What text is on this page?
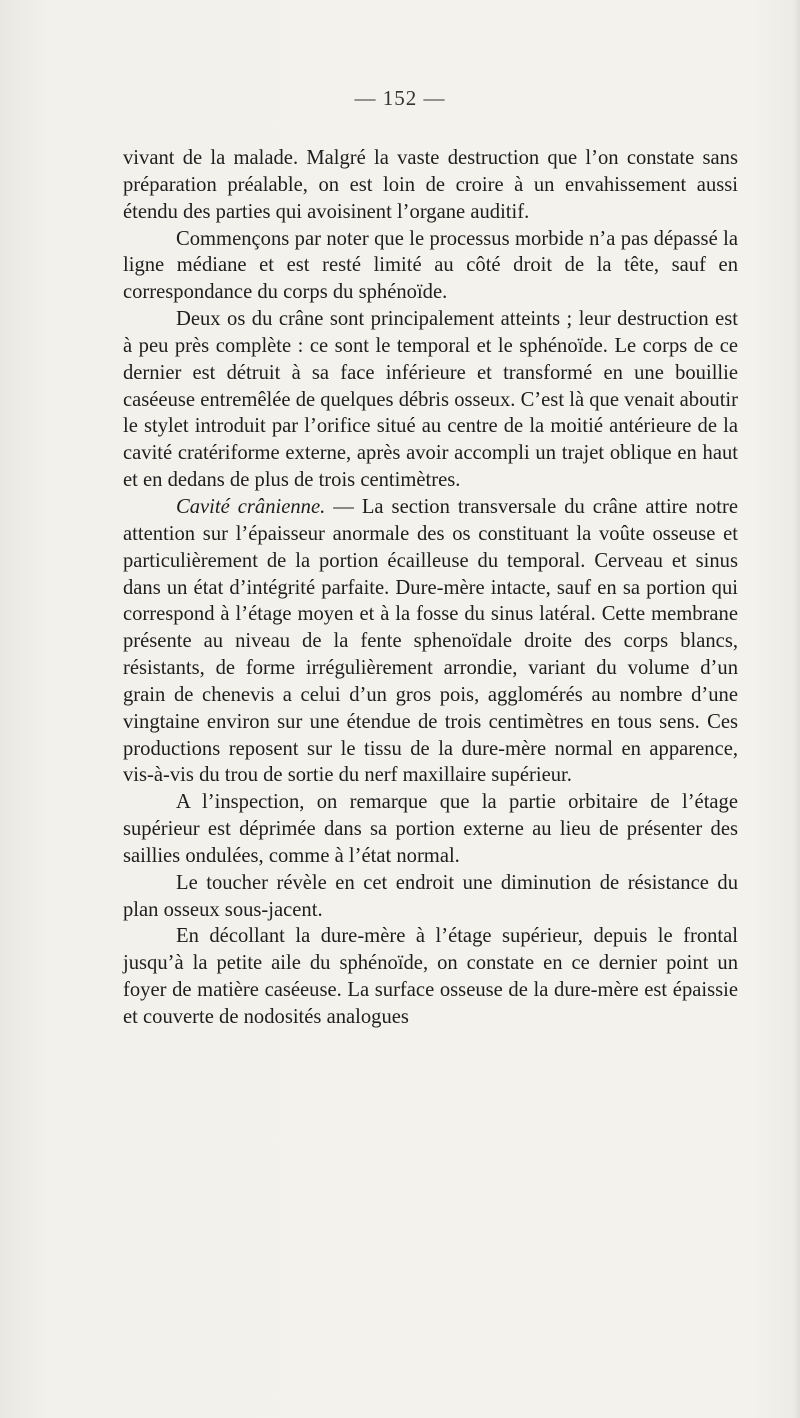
— 152 —

vivant de la malade. Malgré la vaste destruction que l’on constate sans préparation préalable, on est loin de croire à un envahissement aussi étendu des parties qui avoisinent l’organe auditif.

Commençons par noter que le processus morbide n’a pas dépassé la ligne médiane et est resté limité au côté droit de la tête, sauf en correspondance du corps du sphénoïde.

Deux os du crâne sont principalement atteints ; leur destruction est à peu près complète : ce sont le temporal et le sphénoïde. Le corps de ce dernier est détruit à sa face inférieure et transformé en une bouillie caséeuse entremêlée de quelques débris osseux. C’est là que venait aboutir le stylet introduit par l’orifice situé au centre de la moitié antérieure de la cavité cratériforme externe, après avoir accompli un trajet oblique en haut et en dedans de plus de trois centimètres.

Cavité crânienne. — La section transversale du crâne attire notre attention sur l’épaisseur anormale des os constituant la voûte osseuse et particulièrement de la portion écailleuse du temporal. Cerveau et sinus dans un état d’intégrité parfaite. Dure-mère intacte, sauf en sa portion qui correspond à l’étage moyen et à la fosse du sinus latéral. Cette membrane présente au niveau de la fente sphenoïdale droite des corps blancs, résistants, de forme irrégulièrement arrondie, variant du volume d’un grain de chenevis a celui d’un gros pois, agglomérés au nombre d’une vingtaine environ sur une étendue de trois centimètres en tous sens. Ces productions reposent sur le tissu de la dure-mère normal en apparence, vis-à-vis du trou de sortie du nerf maxillaire supérieur.

A l’inspection, on remarque que la partie orbitaire de l’étage supérieur est déprimée dans sa portion externe au lieu de présenter des saillies ondulées, comme à l’état normal.

Le toucher révèle en cet endroit une diminution de résistance du plan osseux sous-jacent.

En décollant la dure-mère à l’étage supérieur, depuis le frontal jusqu’à la petite aile du sphénoïde, on constate en ce dernier point un foyer de matière caséeuse. La surface osseuse de la dure-mère est épaissie et couverte de nodosités analogues
